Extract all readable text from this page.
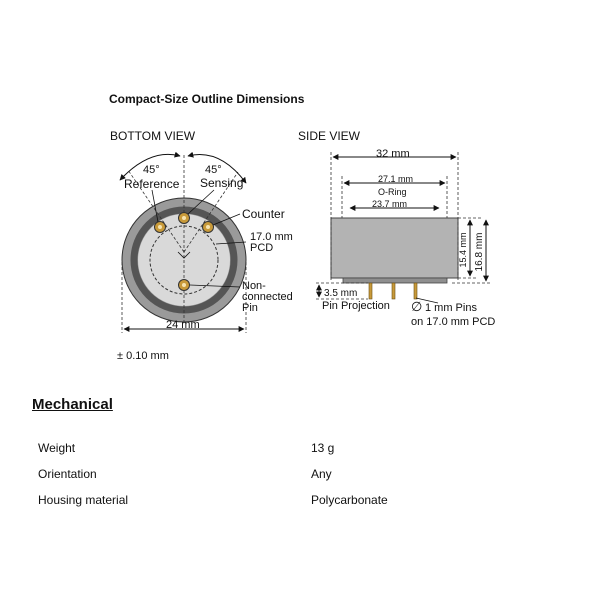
Compact-Size Outline Dimensions
BOTTOM VIEW	SIDE VIEW
45°	45°
Reference Sensing
Counter
17.0 mm
PCD
Non-
connected
Pin
24 mm
32 mm
27.1 mm
O-Ring
23.7 mm
15.4 mm 16.8 mm
3.5 mm
Pin Projection ∅ 1 mm Pins
on 17.0 mm PCD
± 0.10 mm
Mechanical
Weight	13 g
Orientation	Any
Housing material	Polycarbonate
